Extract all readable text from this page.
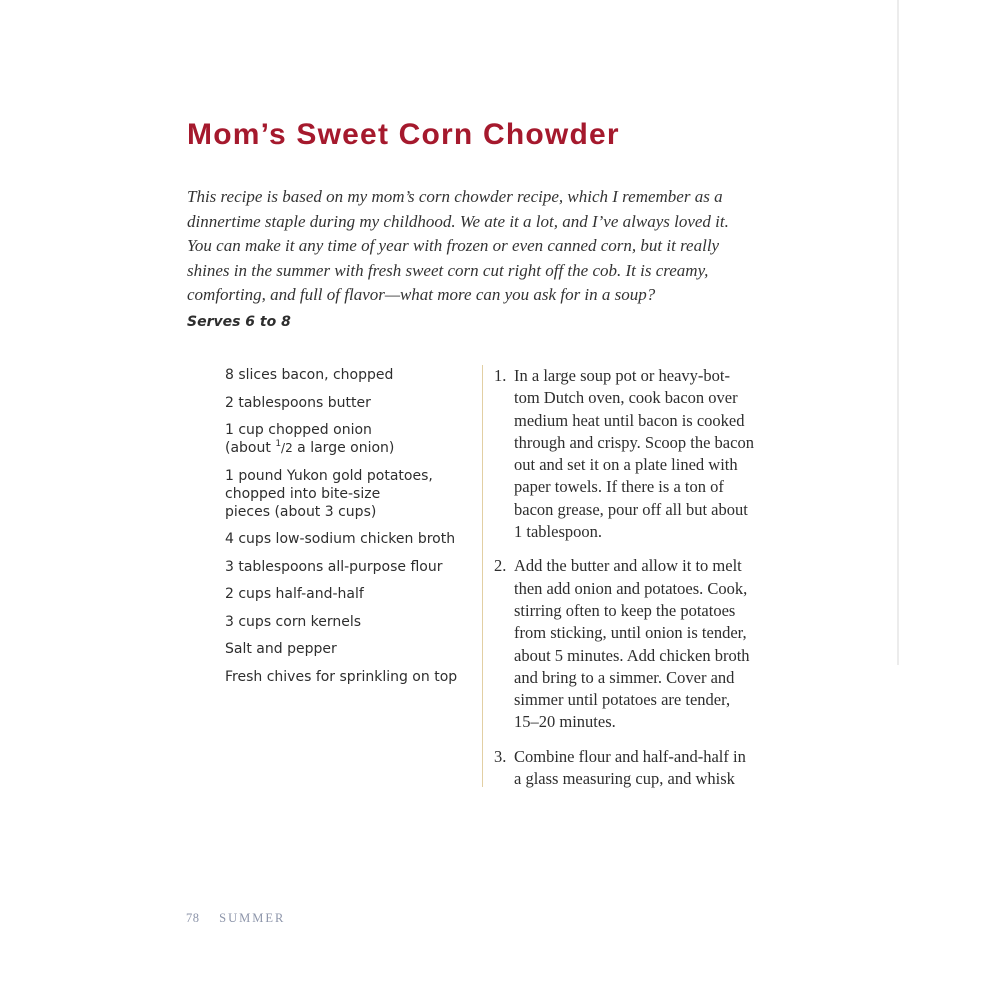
Mom’s Sweet Corn Chowder

This recipe is based on my mom’s corn chowder recipe, which I remember as a
dinnertime staple during my childhood. We ate it a lot, and I’ve always loved it.
You can make it any time of year with frozen or even canned corn, but it really
shines in the summer with fresh sweet corn cut right off the cob. It is creamy,
comforting, and full of flavor—what more can you ask for in a soup?

Serves 6 to 8

8 slices bacon, chopped
2 tablespoons butter
1 cup chopped onion
(about $^1$/2 a large onion)
1 pound Yukon gold potatoes,
chopped into bite-size
pieces (about 3 cups)
4 cups low-sodium chicken broth
3 tablespoons all-purpose flour
2 cups half-and-half
3 cups corn kernels
Salt and pepper
Fresh chives for sprinkling on top
1. In a large soup pot or heavy-bot-
tom Dutch oven, cook bacon over
medium heat until bacon is cooked
through and crispy. Scoop the bacon
out and set it on a plate lined with
paper towels. If there is a ton of
bacon grease, pour off all but about
1 tablespoon.
2. Add the butter and allow it to melt
then add onion and potatoes. Cook,
stirring often to keep the potatoes
from sticking, until onion is tender,
about 5 minutes. Add chicken broth
and bring to a simmer. Cover and
simmer until potatoes are tender,
15–20 minutes.
3. Combine flour and half-and-half in
a glass measuring cup, and whisk
78 SUMMER
